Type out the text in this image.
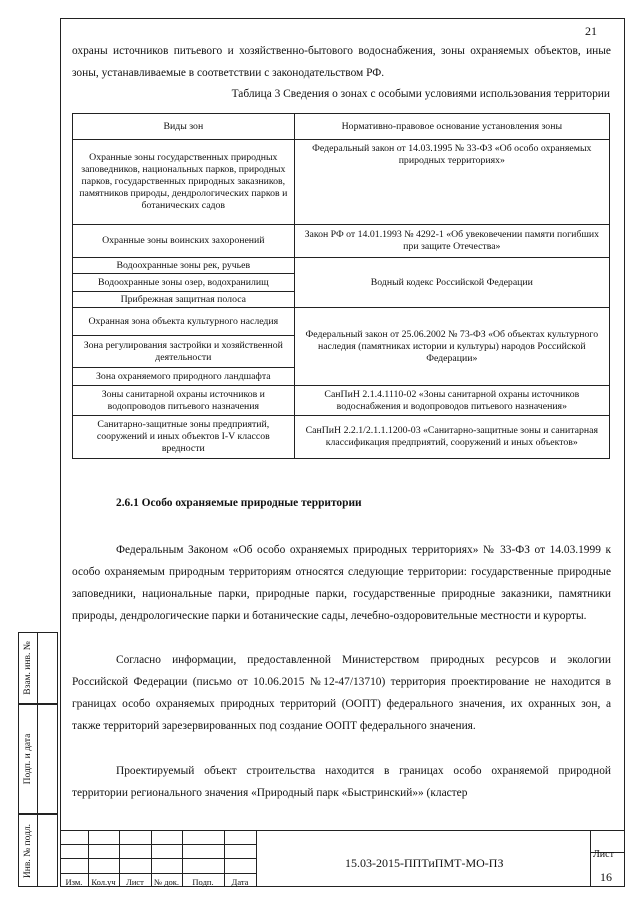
21

охраны источников питьевого и хозяйственно-бытового водоснабжения, зоны охраняемых объектов, иные зоны, устанавливаемые в соответствии с законодательством РФ.

Таблица 3 Сведения о зонах с особыми условиями использования территории
Виды зон	Нормативно-правовое основание установления зоны
Охранные зоны государственных природных заповедников, национальных парков, природных парков, государственных природных заказников, памятников природы, дендрологических парков и ботанических садов	Федеральный закон от 14.03.1995 № 33-ФЗ «Об особо охраняемых природных территориях»
Охранные зоны воинских захоронений	Закон РФ от 14.01.1993 № 4292-1 «Об увековечении памяти погибших при защите Отечества»
Водоохранные зоны рек, ручьев	Водный кодекс Российской Федерации
Водоохранные зоны озер, водохранилищ	
Прибрежная защитная полоса	
Охранная зона объекта культурного наследия	Федеральный закон от 25.06.2002 № 73-ФЗ «Об объектах культурного наследия (памятниках истории и культуры) народов Российской Федерации»
Зона регулирования застройки и хозяйственной деятельности	
Зона охраняемого природного ландшафта	
Зоны санитарной охраны источников и водопроводов питьевого назначения	СанПиН 2.1.4.1110-02 «Зоны санитарной охраны источников водоснабжения и водопроводов питьевого назначения»
Санитарно-защитные зоны предприятий, сооружений и иных объектов I-V классов вредности	СанПиН 2.2.1/2.1.1.1200-03 «Санитарно-защитные зоны и санитарная классификация предприятий, сооружений и иных объектов»
2.6.1 Особо охраняемые природные территории

Федеральным Законом «Об особо охраняемых природных территориях» № 33-ФЗ от 14.03.1999 к особо охраняемым природным территориям относятся следующие территории: государственные природные заповедники, национальные парки, природные парки, государственные природные заказники, памятники природы, дендрологические парки и ботанические сады, лечебно-оздоровительные местности и курорты.

Согласно информации, предоставленной Министерством природных ресурсов и экологии Российской Федерации (письмо от 10.06.2015 №12-47/13710) территория проектирование не находится в границах особо охраняемых природных территорий (ООПТ) федерального значения, их охранных зон, а также территорий зарезервированных под создание ООПТ федерального значения.

Проектируемый объект строительства находится в границах особо охраняемой природной территории регионального значения «Природный парк «Быстринский»» (кластер

Взам. инв. №
Подп. и дата
Инв. № подл.
Изм.	Кол.уч	Лист	№ док.	Подп.	Дата
15.03-2015-ППТиПМТ-МО-ПЗ
Лист
16
